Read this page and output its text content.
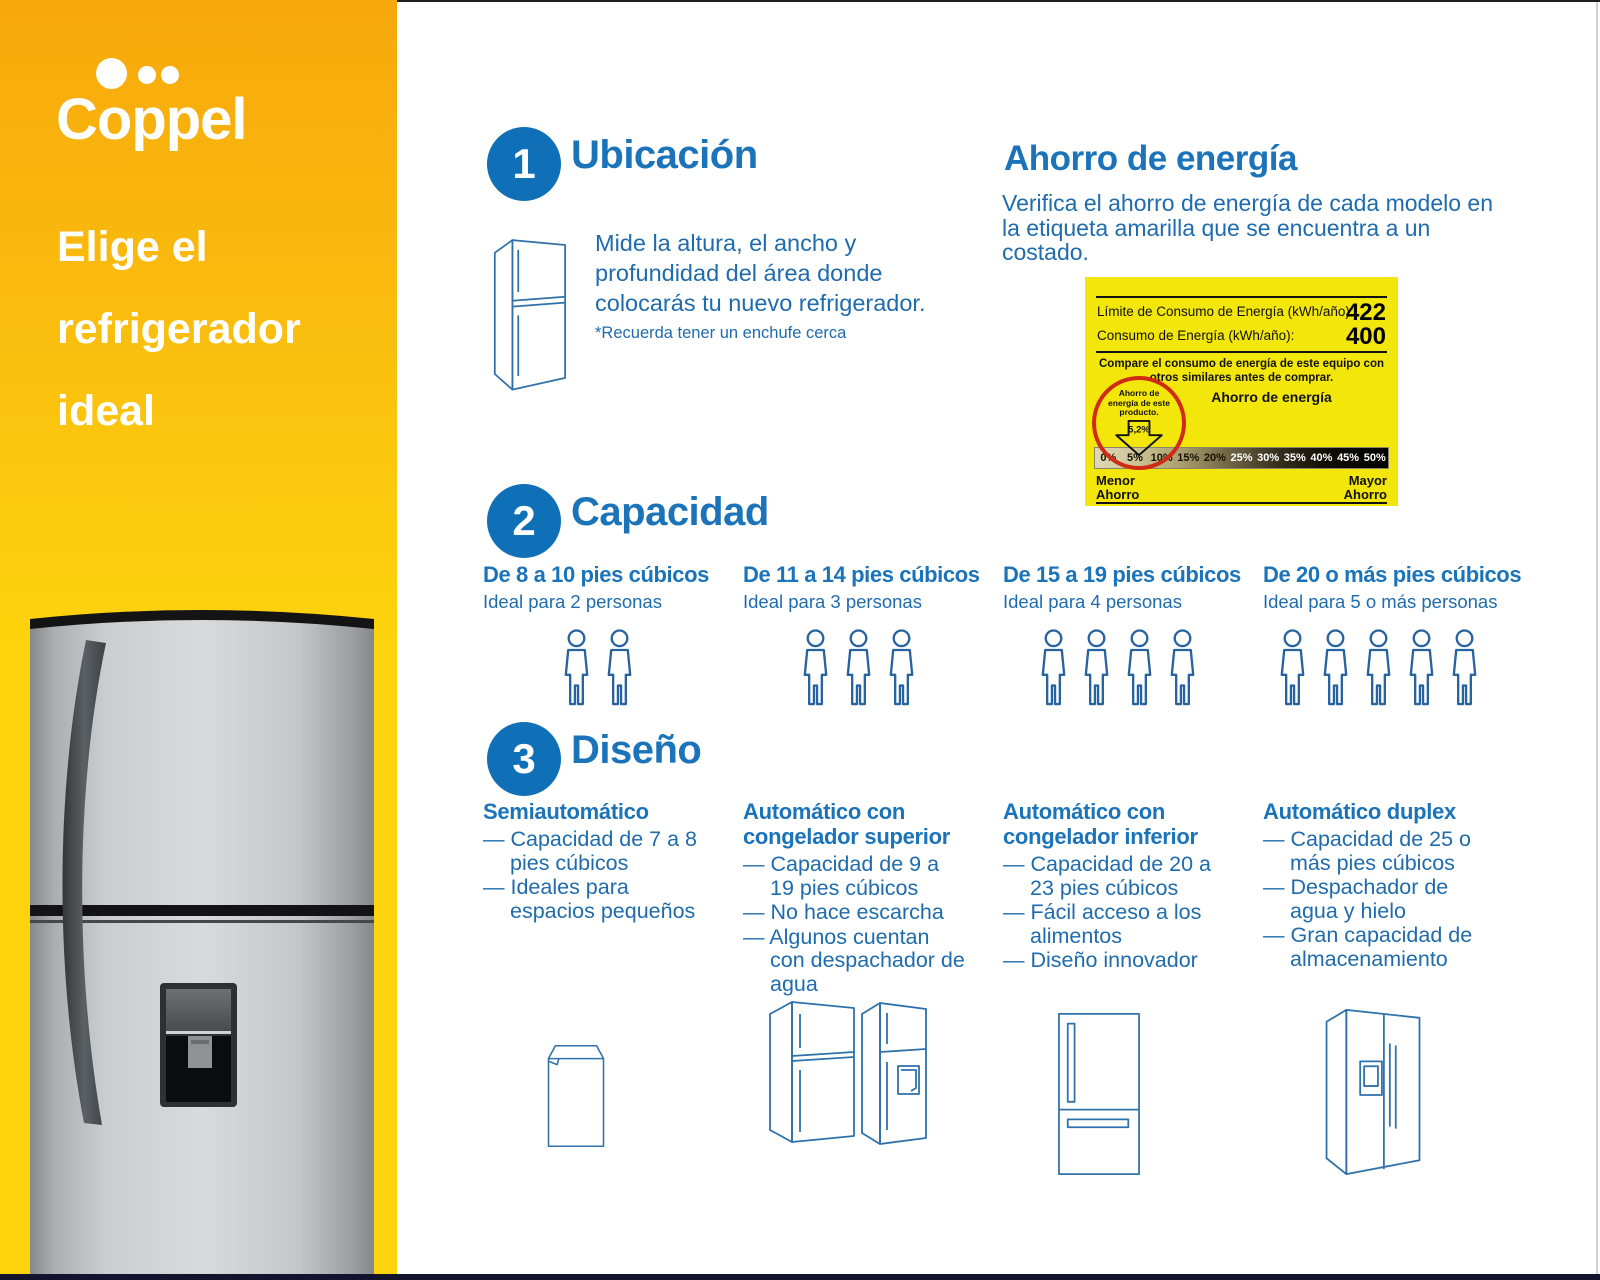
Coppel
Elige el
refrigerador
ideal
1 Ubicación
Mide la altura, el ancho y profundidad del área donde colocarás tu nuevo refrigerador.
*Recuerda tener un enchufe cerca
Ahorro de energía
Verifica el ahorro de energía de cada modelo en la etiqueta amarilla que se encuentra a un costado.
Límite de Consumo de Energía (kWh/año):
422
Consumo de Energía (kWh/año): 400
Compare el consumo de energía de este equipo con otros similares antes de comprar.
Ahorro de energía
Ahorro de energía de este producto.
5,2%
0% 5% 10% 15% 20% 25% 30% 35% 40% 45% 50%
Menor Ahorro
Mayor Ahorro
2 Capacidad
De 8 a 10 pies cúbicos
Ideal para 2 personas
De 11 a 14 pies cúbicos
Ideal para 3 personas
De 15 a 19 pies cúbicos
Ideal para 4 personas
De 20 o más pies cúbicos
Ideal para 5 o más personas
3 Diseño
Semiautomático
— Capacidad de 7 a 8 pies cúbicos
— Ideales para espacios pequeños
Automático con congelador superior
— Capacidad de 9 a 19 pies cúbicos
— No hace escarcha
— Algunos cuentan con despachador de agua
Automático con congelador inferior
— Capacidad de 20 a 23 pies cúbicos
— Fácil acceso a los alimentos
— Diseño innovador
Automático duplex
— Capacidad de 25 o más pies cúbicos
— Despachador de agua y hielo
— Gran capacidad de almacenamiento
